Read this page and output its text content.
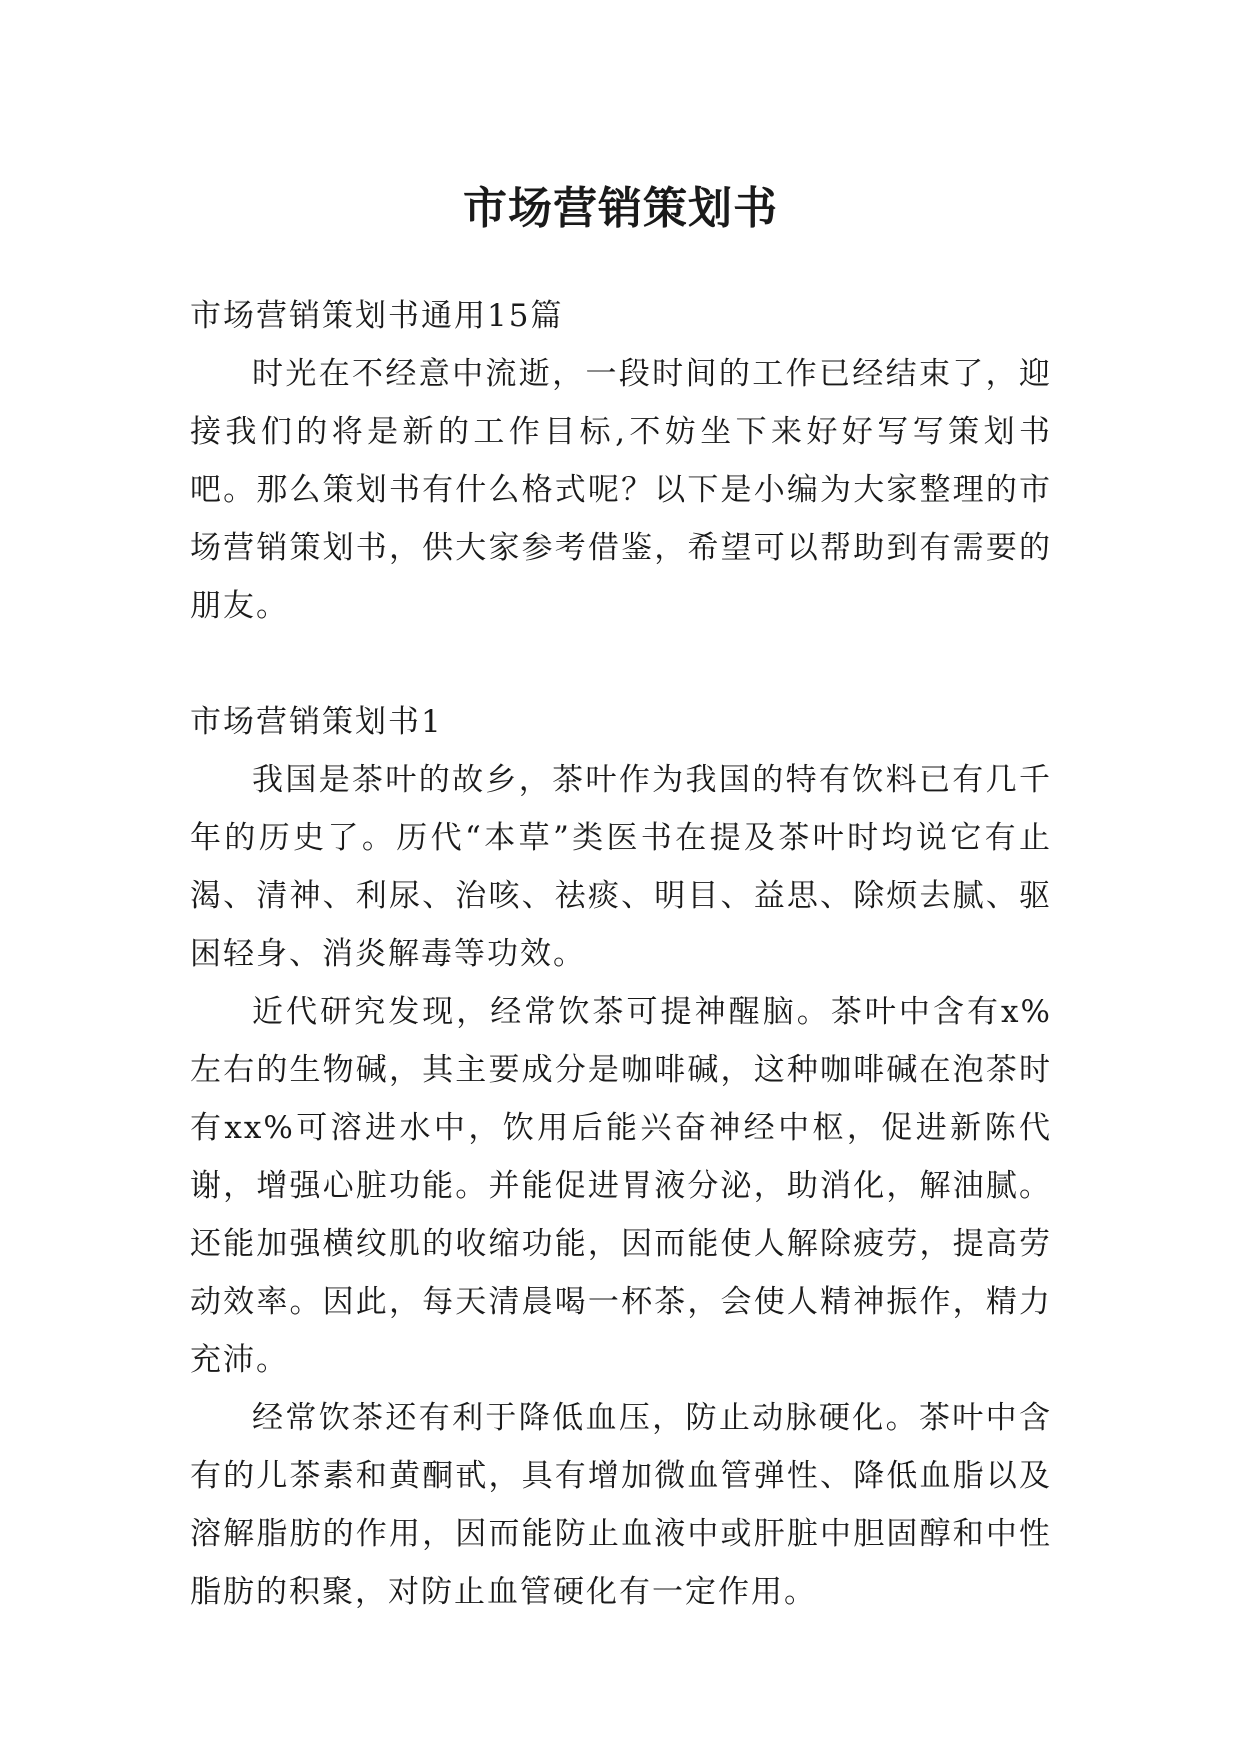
市场营销策划书

市场营销策划书通用15篇

时光在不经意中流逝，一段时间的工作已经结束了，迎接我们的将是新的工作目标,不妨坐下来好好写写策划书吧。那么策划书有什么格式呢？以下是小编为大家整理的市场营销策划书，供大家参考借鉴，希望可以帮助到有需要的朋友。

市场营销策划书1

我国是茶叶的故乡，茶叶作为我国的特有饮料已有几千年的历史了。历代“本草”类医书在提及茶叶时均说它有止渴、清神、利尿、治咳、祛痰、明目、益思、除烦去腻、驱困轻身、消炎解毒等功效。

近代研究发现，经常饮茶可提神醒脑。茶叶中含有x%左右的生物碱，其主要成分是咖啡碱，这种咖啡碱在泡茶时有xx%可溶进水中，饮用后能兴奋神经中枢，促进新陈代谢，增强心脏功能。并能促进胃液分泌，助消化，解油腻。还能加强横纹肌的收缩功能，因而能使人解除疲劳，提高劳动效率。因此，每天清晨喝一杯茶，会使人精神振作，精力充沛。

经常饮茶还有利于降低血压，防止动脉硬化。茶叶中含有的儿茶素和黄酮甙，具有增加微血管弹性、降低血脂以及溶解脂肪的作用，因而能防止血液中或肝脏中胆固醇和中性脂肪的积聚，对防止血管硬化有一定作用。
